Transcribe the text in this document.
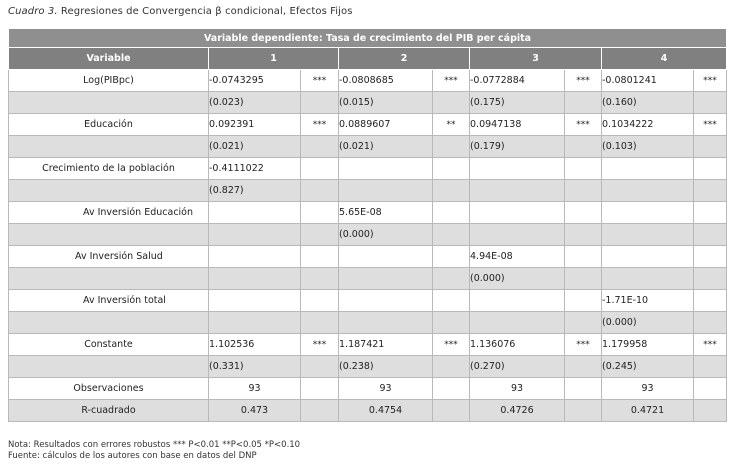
Cuadro 3. Regresiones de Convergencia β condicional, Efectos Fijos
Variable dependiente: Tasa de crecimiento del PIB per cápita								
Variable	1		2		3		4	
Log(PIBpc)	-0.0743295	***	-0.0808685	***	-0.0772884	***	-0.0801241	***
	(0.023)		(0.015)		(0.175)		(0.160)	
Educación	0.092391	***	0.0889607	**	0.0947138	***	0.1034222	***
	(0.021)		(0.021)		(0.179)		(0.103)	
Crecimiento de la población	-0.4111022							
	(0.827)							
Av Inversión Educación			5.65E-08					
			(0.000)					
Av Inversión Salud					4.94E-08			
					(0.000)			
Av Inversión total							-1.71E-10	
							(0.000)	
Constante	1.102536	***	1.187421	***	1.136076	***	1.179958	***
	(0.331)		(0.238)		(0.270)		(0.245)	
Observaciones	93		93		93		93	
R-cuadrado	0.473		0.4754		0.4726		0.4721	
Nota: Resultados con errores robustos *** P<0.01 **P<0.05 *P<0.10
Fuente: cálculos de los autores con base en datos del DNP
